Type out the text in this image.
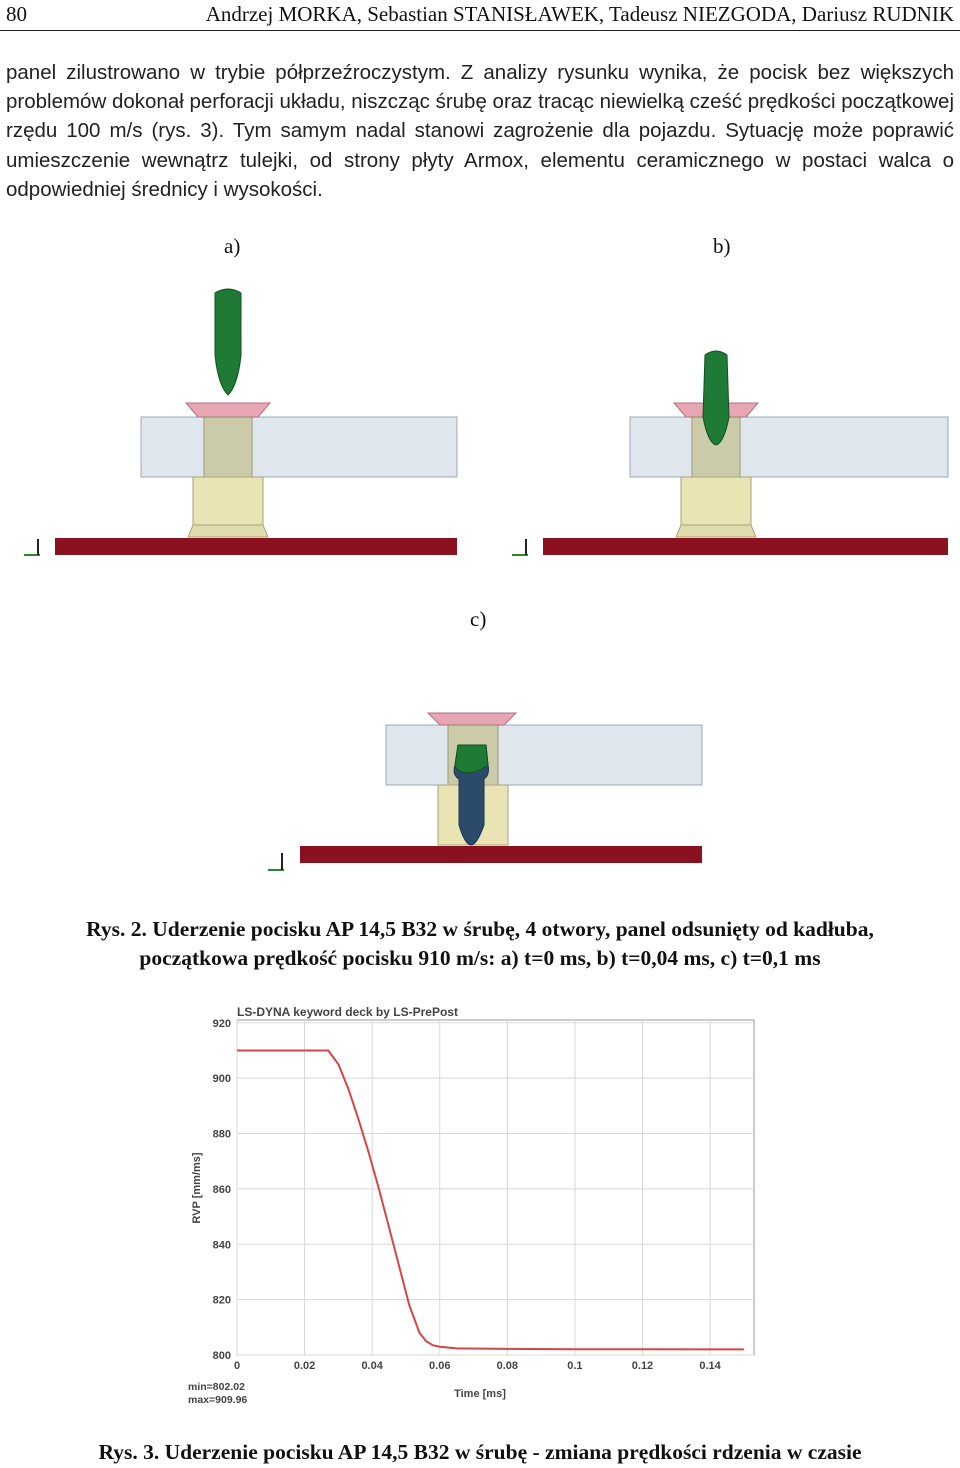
80	Andrzej MORKA, Sebastian STANISŁAWEK, Tadeusz NIEZGODA, Dariusz RUDNIK
panel zilustrowano w trybie półprzeźroczystym. Z analizy rysunku wynika, że pocisk bez większych problemów dokonał perforacji układu, niszcząc śrubę oraz tracąc niewielką cześć prędkości początkowej rzędu 100 m/s (rys. 3). Tym samym nadal stanowi zagrożenie dla pojazdu. Sytuację może poprawić umieszczenie wewnątrz tulejki, od strony płyty Armox, elementu ceramicznego w postaci walca o odpowiedniej średnicy i wysokości.
a)	b)
c)
Rys. 2. Uderzenie pocisku AP 14,5 B32 w śrubę, 4 otwory, panel odsunięty od kadłuba,
początkowa prędkość pocisku 910 m/s: a) t=0 ms, b) t=0,04 ms, c) t=0,1 ms
LS-DYNA keyword deck by LS-PrePost
800
820
840
860
880
900
920
0	0.02	0.04	0.06	0.08	0.1	0.12	0.14
RVP [mm/ms]
Time [ms]
min=802.02
max=909.96
Rys. 3. Uderzenie pocisku AP 14,5 B32 w śrubę - zmiana prędkości rdzenia w czasie
